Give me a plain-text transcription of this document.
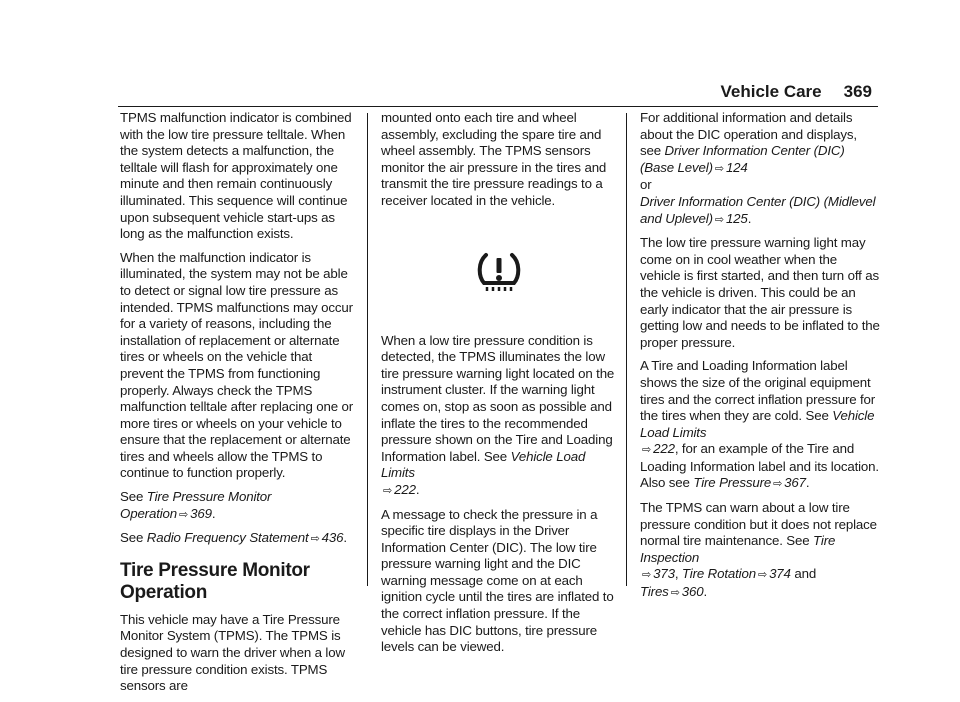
Vehicle Care 369

TPMS malfunction indicator is combined with the low tire pressure telltale. When the system detects a malfunction, the telltale will flash for approximately one minute and then remain continuously illuminated. This sequence will continue upon subsequent vehicle start-ups as long as the malfunction exists.

When the malfunction indicator is illuminated, the system may not be able to detect or signal low tire pressure as intended. TPMS malfunctions may occur for a variety of reasons, including the installation of replacement or alternate tires or wheels on the vehicle that prevent the TPMS from functioning properly. Always check the TPMS malfunction telltale after replacing one or more tires or wheels on your vehicle to ensure that the replacement or alternate tires and wheels allow the TPMS to continue to function properly.

See Tire Pressure Monitor Operation ⇨ 369.

See Radio Frequency Statement ⇨ 436.

Tire Pressure Monitor Operation

This vehicle may have a Tire Pressure Monitor System (TPMS). The TPMS is designed to warn the driver when a low tire pressure condition exists. TPMS sensors are

mounted onto each tire and wheel assembly, excluding the spare tire and wheel assembly. The TPMS sensors monitor the air pressure in the tires and transmit the tire pressure readings to a receiver located in the vehicle.

When a low tire pressure condition is detected, the TPMS illuminates the low tire pressure warning light located on the instrument cluster. If the warning light comes on, stop as soon as possible and inflate the tires to the recommended pressure shown on the Tire and Loading Information label. See Vehicle Load Limits
⇨ 222.

A message to check the pressure in a specific tire displays in the Driver Information Center (DIC). The low tire pressure warning light and the DIC warning message come on at each ignition cycle until the tires are inflated to the correct inflation pressure. If the vehicle has DIC buttons, tire pressure levels can be viewed.

For additional information and details about the DIC operation and displays, see Driver Information Center (DIC) (Base Level) ⇨ 124

or

Driver Information Center (DIC) (Midlevel and Uplevel) ⇨ 125.

The low tire pressure warning light may come on in cool weather when the vehicle is first started, and then turn off as the vehicle is driven. This could be an early indicator that the air pressure is getting low and needs to be inflated to the proper pressure.

A Tire and Loading Information label shows the size of the original equipment tires and the correct inflation pressure for the tires when they are cold. See Vehicle Load Limits
⇨ 222, for an example of the Tire and Loading Information label and its location. Also see Tire Pressure ⇨ 367.

The TPMS can warn about a low tire pressure condition but it does not replace normal tire maintenance. See Tire Inspection
⇨ 373, Tire Rotation ⇨ 374 and
Tires ⇨ 360.
